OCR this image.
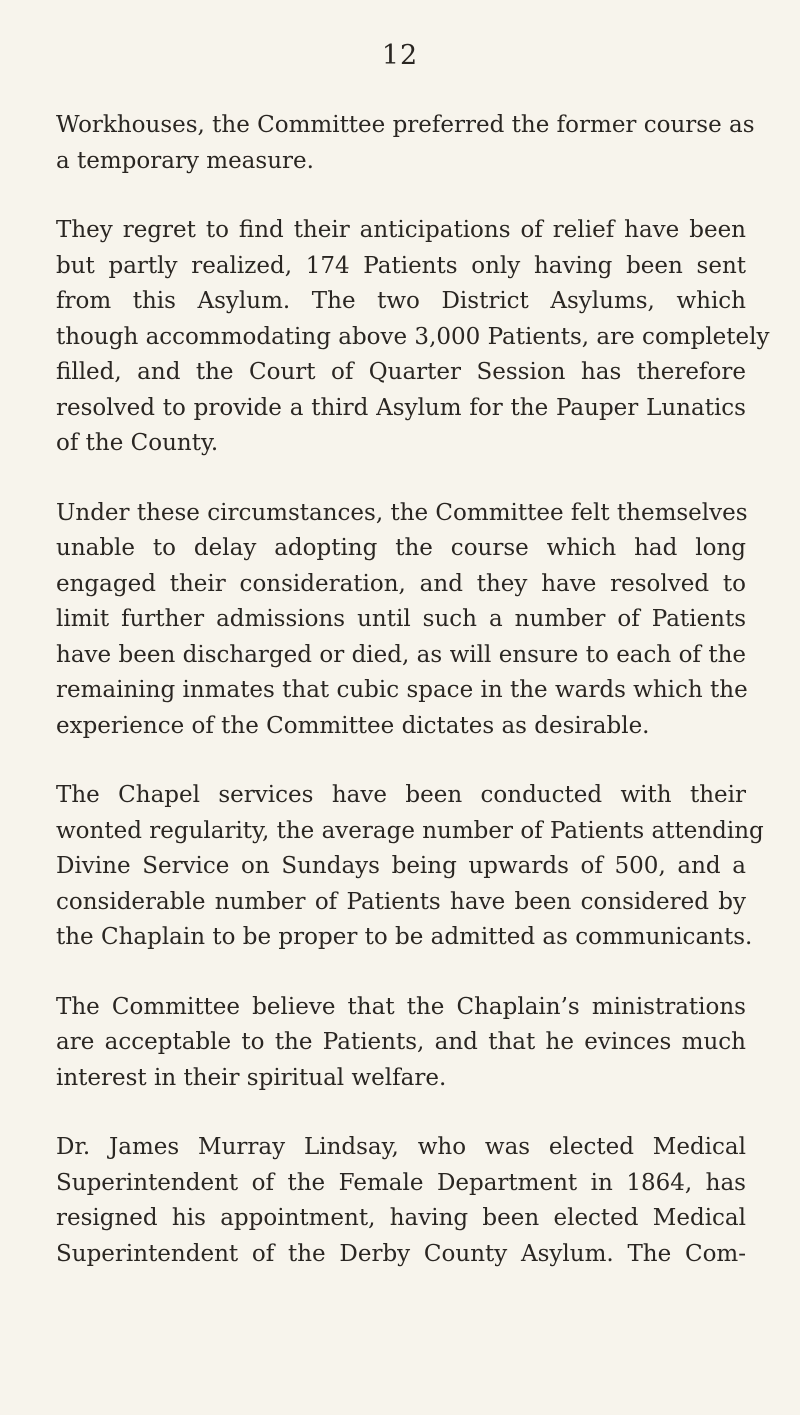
12

Workhouses, the Committee preferred the former course as
a temporary measure.

They regret to find their anticipations of relief have been
but partly realized, 174 Patients only having been sent
from this Asylum. The two District Asylums, which
though accommodating above 3,000 Patients, are completely
filled, and the Court of Quarter Session has therefore
resolved to provide a third Asylum for the Pauper Lunatics
of the County.

Under these circumstances, the Committee felt themselves
unable to delay adopting the course which had long
engaged their consideration, and they have resolved to
limit further admissions until such a number of Patients
have been discharged or died, as will ensure to each of the
remaining inmates that cubic space in the wards which the
experience of the Committee dictates as desirable.

The Chapel services have been conducted with their
wonted regularity, the average number of Patients attending
Divine Service on Sundays being upwards of 500, and a
considerable number of Patients have been considered by
the Chaplain to be proper to be admitted as communicants.

The Committee believe that the Chaplain’s ministrations
are acceptable to the Patients, and that he evinces much
interest in their spiritual welfare.

Dr. James Murray Lindsay, who was elected Medical
Superintendent of the Female Department in 1864, has
resigned his appointment, having been elected Medical
Superintendent of the Derby County Asylum. The Com-
